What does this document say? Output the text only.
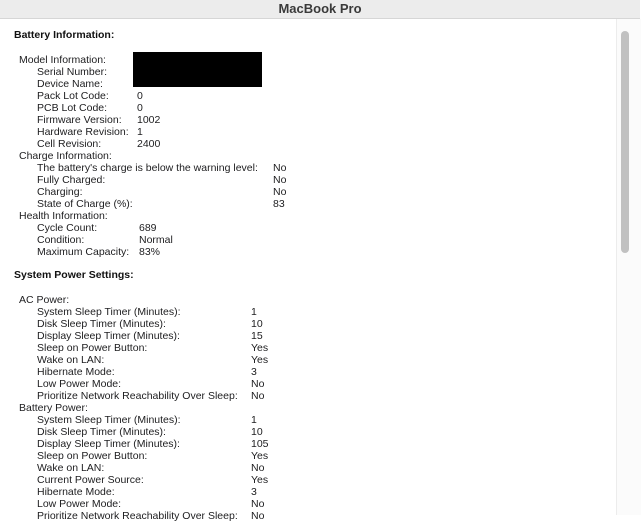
MacBook Pro
Battery Information:
Model Information:
Serial Number:
Device Name:
Pack Lot Code:	0
PCB Lot Code:	0
Firmware Version: 1002
Hardware Revision: 1
Cell Revision:	2400
Charge Information:
The battery's charge is below the warning level: No
Fully Charged:	No
Charging:	No
State of Charge (%):	83
Health Information:
Cycle Count:	689
Condition:	Normal
Maximum Capacity: 83%
System Power Settings:
AC Power:
System Sleep Timer (Minutes):	1
Disk Sleep Timer (Minutes):	10
Display Sleep Timer (Minutes):	15
Sleep on Power Button:	Yes
Wake on LAN:	Yes
Hibernate Mode:	3
Low Power Mode:	No
Prioritize Network Reachability Over Sleep: No
Battery Power:
System Sleep Timer (Minutes):	1
Disk Sleep Timer (Minutes):	10
Display Sleep Timer (Minutes):	105
Sleep on Power Button:	Yes
Wake on LAN:	No
Current Power Source:	Yes
Hibernate Mode:	3
Low Power Mode:	No
Prioritize Network Reachability Over Sleep: No
